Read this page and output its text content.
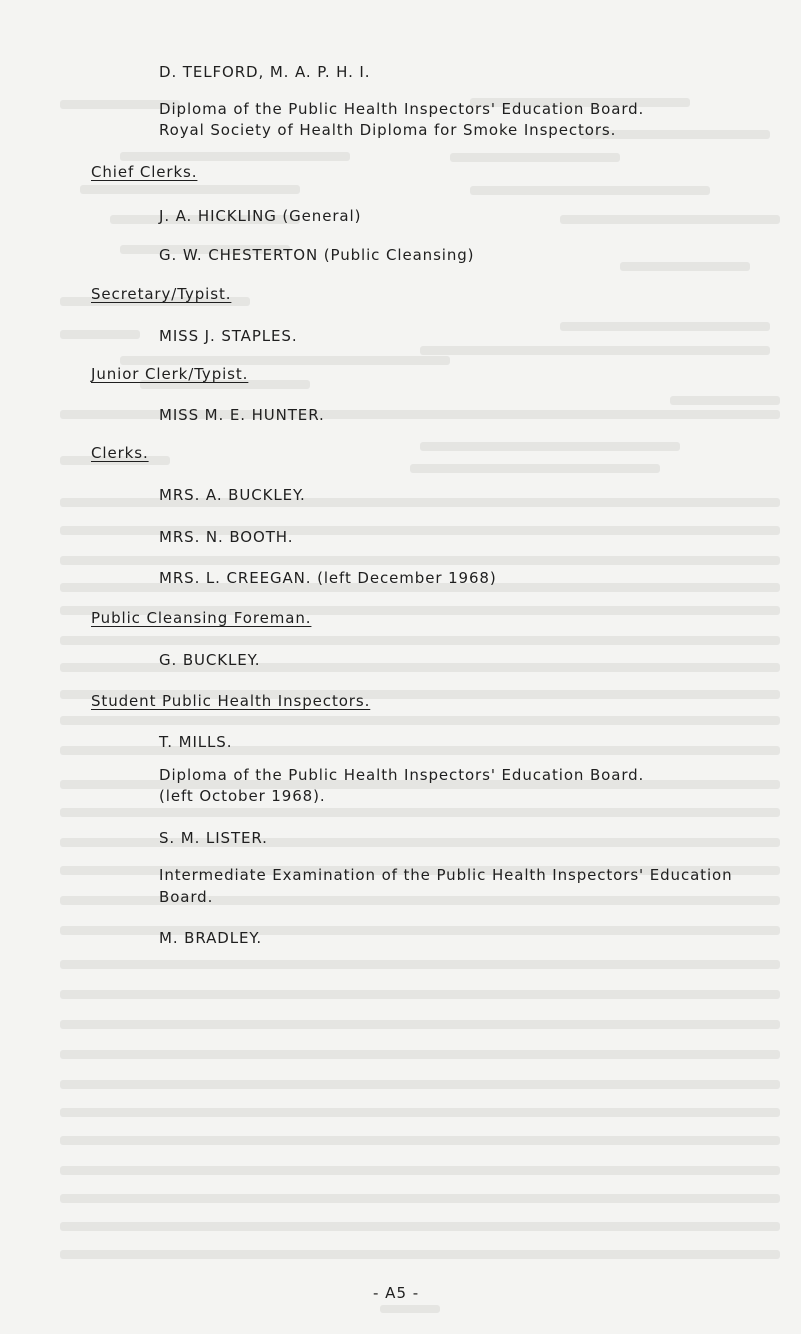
D. TELFORD, M. A. P. H. I.
Diploma of the Public Health Inspectors' Education Board.
Royal Society of Health Diploma for Smoke Inspectors.
Chief Clerks.
J. A. HICKLING (General)
G. W. CHESTERTON (Public Cleansing)
Secretary/Typist.
MISS J. STAPLES.
Junior Clerk/Typist.
MISS M. E. HUNTER.
Clerks.
MRS. A. BUCKLEY.
MRS. N. BOOTH.
MRS. L. CREEGAN. (left December 1968)
Public Cleansing Foreman.
G. BUCKLEY.
Student Public Health Inspectors.
T. MILLS.
Diploma of the Public Health Inspectors' Education Board.
(left October 1968).
S. M. LISTER.
Intermediate Examination of the Public Health Inspectors' Education
Board.
M. BRADLEY.
- A5 -
